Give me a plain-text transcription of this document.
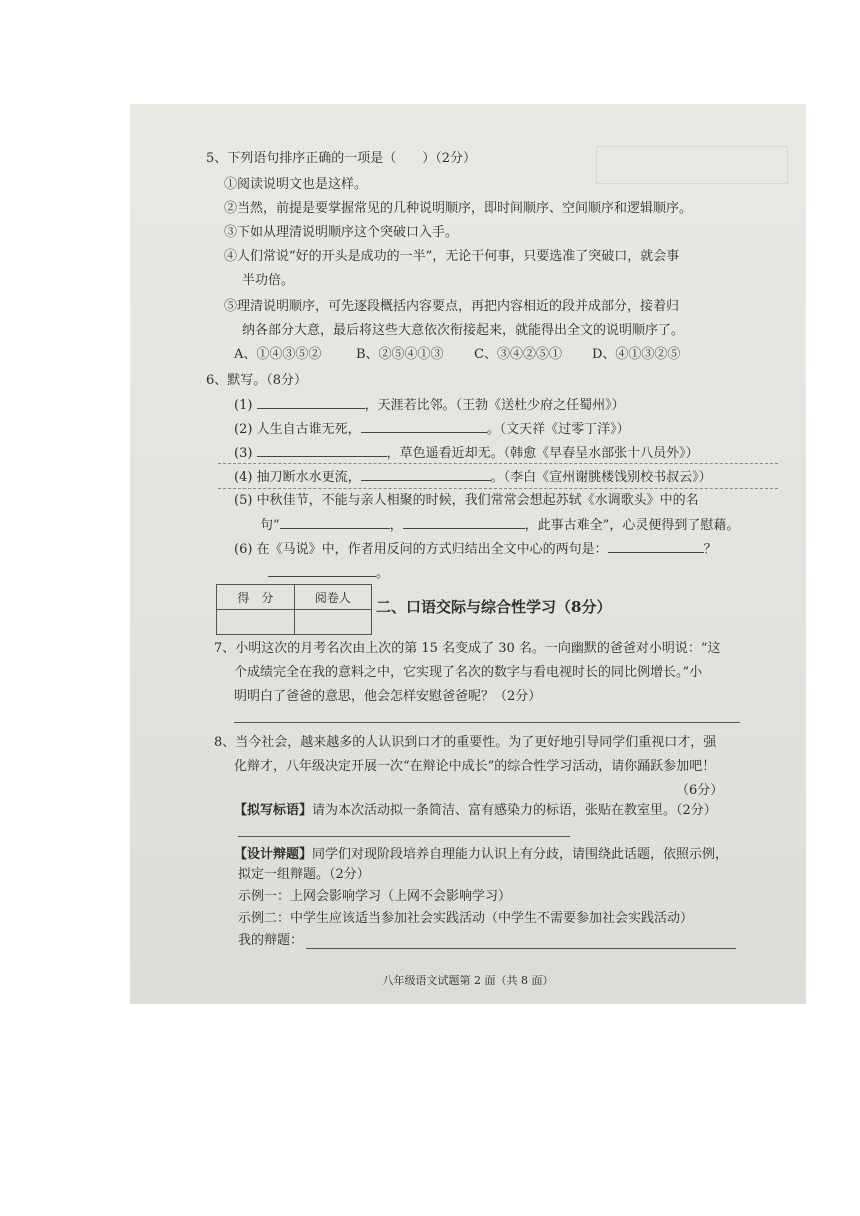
5、下列语句排序正确的一项是（　　）（2分）
①阅读说明文也是这样。
②当然，前提是要掌握常见的几种说明顺序，即时间顺序、空间顺序和逻辑顺序。
③下如从理清说明顺序这个突破口入手。
④人们常说“好的开头是成功的一半”，无论干何事，只要选准了突破口，就会事
半功倍。
⑤理清说明顺序，可先逐段概括内容要点，再把内容相近的段并成部分，接着归
纳各部分大意，最后将这些大意依次衔接起来，就能得出全文的说明顺序了。
A、①④③⑤②	B、②⑤④①③ C、③④②⑤① D、④①③②⑤
6、默写。（8分）
(1)	，天涯若比邻。（王勃《送杜少府之任蜀州》）
(2) 人生自古谁无死，	。（文天祥《过零丁洋》）
(3)	，草色遥看近却无。（韩愈《早春呈水部张十八员外》）
(4) 抽刀断水水更流，	。（李白《宣州谢朓楼饯别校书叔云》）
(5) 中秋佳节，不能与亲人相聚的时候，我们常常会想起苏轼《水调歌头》中的名
句“	，	，此事古难全”，心灵便得到了慰藉。
(6) 在《马说》中，作者用反问的方式归结出全文中心的两句是：	？
。
得　分	阅卷人

二、口语交际与综合性学习（8分）
7、小明这次的月考名次由上次的第 15 名变成了 30 名。一向幽默的爸爸对小明说：“这
个成绩完全在我的意料之中，它实现了名次的数字与看电视时长的同比例增长。”小
明明白了爸爸的意思，他会怎样安慰爸爸呢？（2分）
8、当今社会，越来越多的人认识到口才的重要性。为了更好地引导同学们重视口才，强
化辩才，八年级决定开展一次“在辩论中成长”的综合性学习活动，请你踊跃参加吧！
（6分）
【拟写标语】请为本次活动拟一条简洁、富有感染力的标语，张贴在教室里。（2分）
【设计辩题】同学们对现阶段培养自理能力认识上有分歧，请围绕此话题，依照示例，
拟定一组辩题。（2分）
示例一：上网会影响学习（上网不会影响学习）
示例二：中学生应该适当参加社会实践活动（中学生不需要参加社会实践活动）
我的辩题：
八年级语文试题第 2 面（共 8 面）
